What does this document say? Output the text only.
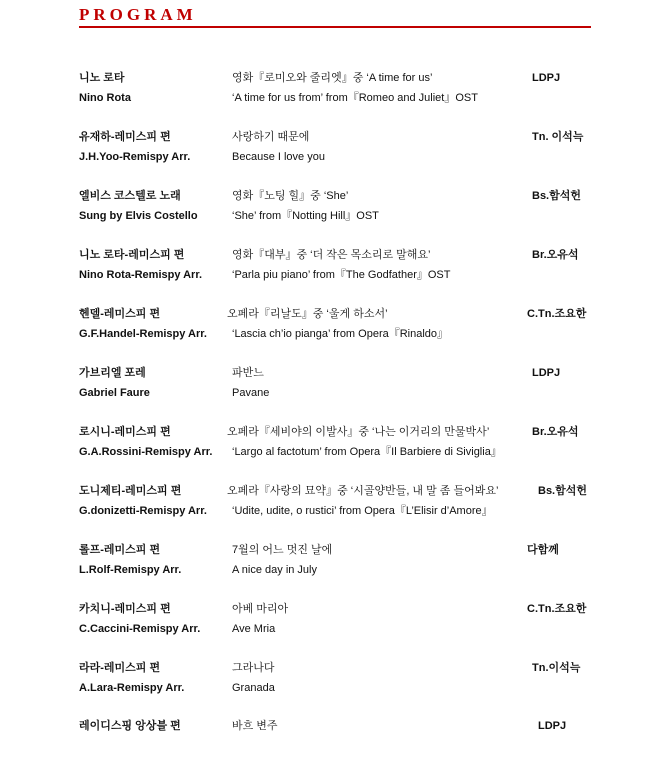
PROGRAM
니노 로타
Nino Rota
영화『로미오와 줄리엣』중 ‘A time for us’
‘A time for us from’ from『Romeo and Juliet』OST
LDPJ
유재하-레미스피 편
J.H.Yoo-Remispy Arr.
사랑하기 때문에
Because I love you
Tn. 이석늑
엘비스 코스텔로 노래
Sung by Elvis Costello
영화『노팅 힐』중 ‘She’
‘She’ from『Notting Hill』OST
Bs.함석헌
니노 로타-레미스피 편
Nino Rota-Remispy Arr.
영화『대부』중 ‘더 작은 목소리로 말해요’
‘Parla piu piano’ from『The Godfather』OST
Br.오유석
헨델-레미스피 편
G.F.Handel-Remispy Arr.
오페라『리날도』중 ‘울게 하소서’
‘Lascia ch’io pianga’ from Opera『Rinaldo』
C.Tn.조요한
가브리엘 포레
Gabriel Faure
파반느
Pavane
LDPJ
로시니-레미스피 편
G.A.Rossini-Remispy Arr.
오페라『세비야의 이발사』중 ‘나는 이거리의 만물박사’
‘Largo al factotum’ from Opera『Il Barbiere di Siviglia』
Br.오유석
도니제티-레미스피 편
G.donizetti-Remispy Arr.
오페라『사랑의 묘약』중 ‘시골양반들, 내 말 좀 들어봐요’
‘Udite, udite, o rustici’ from Opera『L’Elisir d’Amore』
Bs.함석헌
롤프-레미스피 편
L.Rolf-Remispy Arr.
7월의 어느 멋진 날에
A nice day in July
다함께
카치니-레미스피 편
C.Caccini-Remispy Arr.
아베 마리아
Ave Mria
C.Tn.조요한
라라-레미스피 편
A.Lara-Remispy Arr.
그라나다
Granada
Tn.이석늑
레이디스핑 앙상블 편	바흐 변주	LDPJ
